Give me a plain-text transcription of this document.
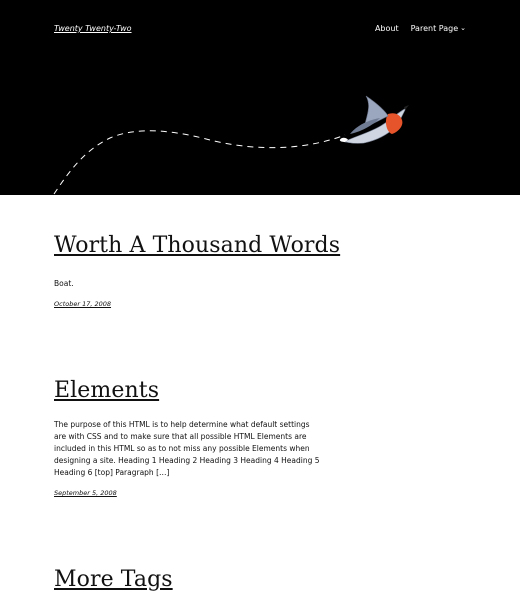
Twenty Twenty-Two	About Parent Page ⌄
Worth A Thousand Words
Boat.
October 17, 2008
Elements
The purpose of this HTML is to help determine what default settings are with CSS and to make sure that all possible HTML Elements are included in this HTML so as to not miss any possible Elements when designing a site. Heading 1 Heading 2 Heading 3 Heading 4 Heading 5 Heading 6 [top] Paragraph […]
September 5, 2008
More Tags
